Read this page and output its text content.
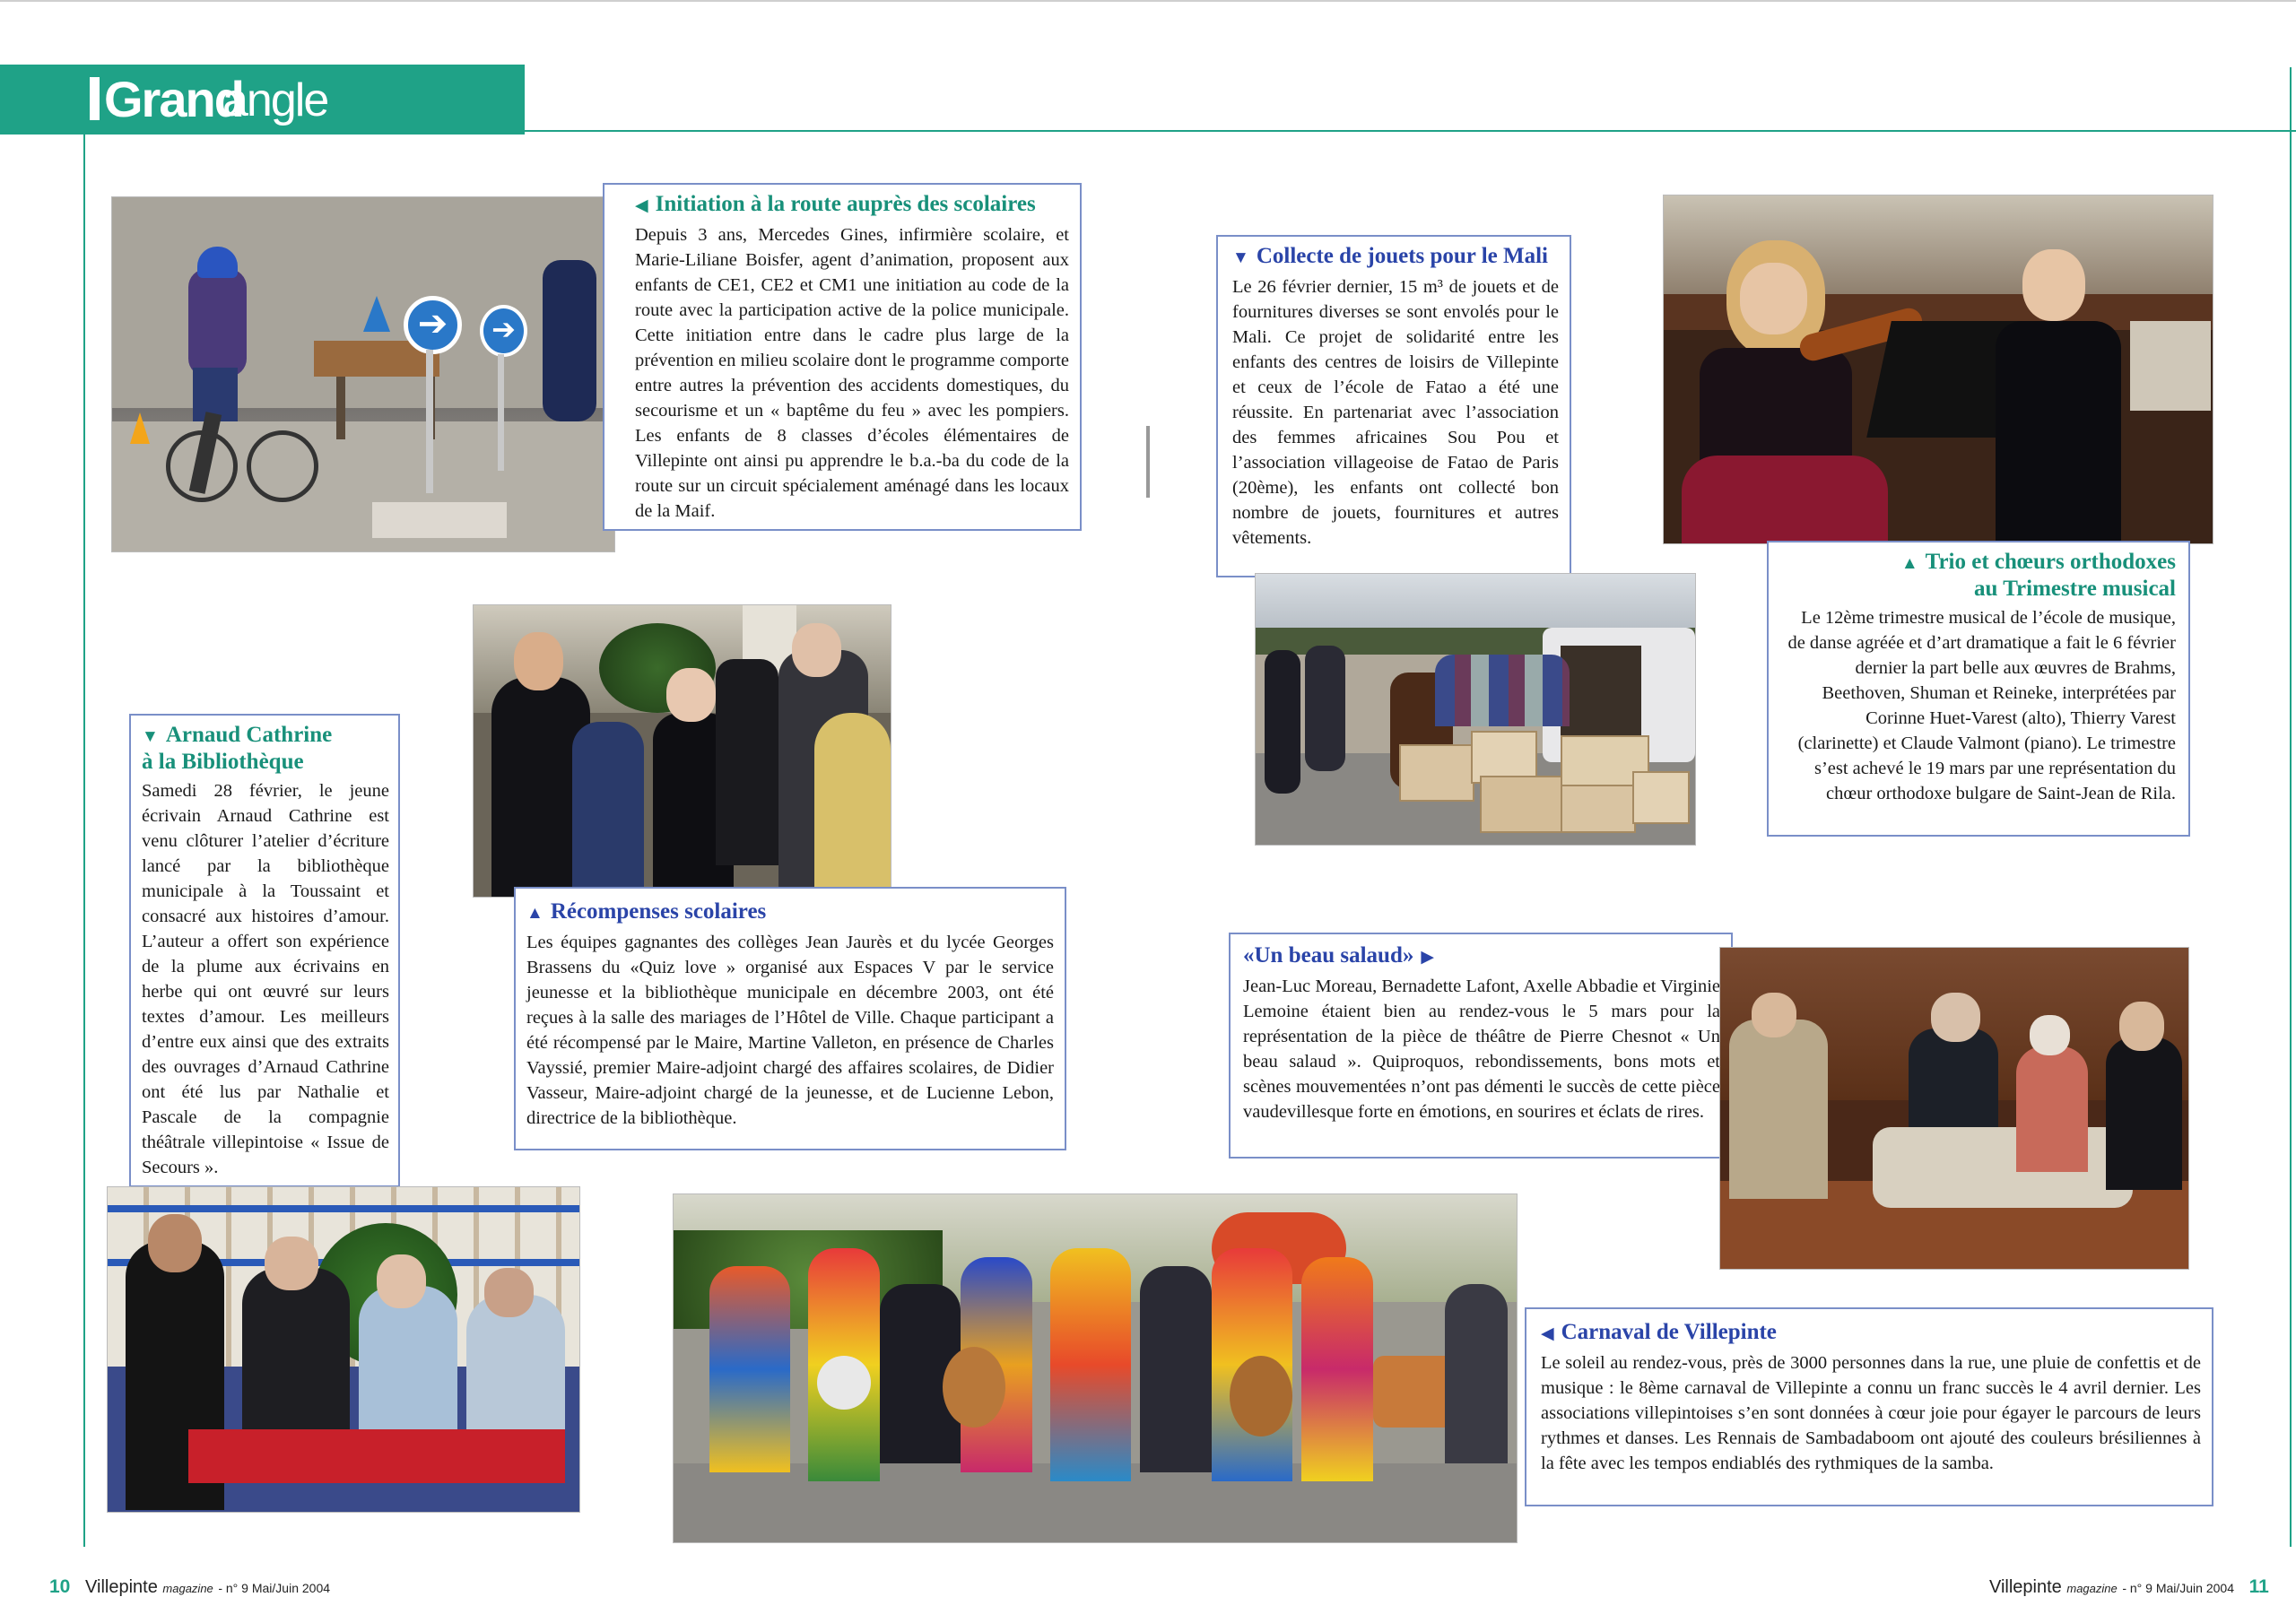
Grand
angle
➔	➔
◀ Initiation à la route auprès des scolaires

Depuis 3 ans, Mercedes Gines, infirmière scolaire, et Marie-Liliane Boisfer, agent d’animation, proposent aux enfants de CE1, CE2 et CM1 une initiation au code de la route avec la participation active de la police municipale. Cette initiation entre dans le cadre plus large de la prévention en milieu scolaire dont le programme comporte entre autres la prévention des accidents domestiques, du secourisme et un « baptême du feu » avec les pompiers. Les enfants de 8 classes d’écoles élémentaires de Villepinte ont ainsi pu apprendre le b.a.-ba du code de la route sur un circuit spécialement aménagé dans les locaux de la Maif.

▼ Collecte de jouets pour le Mali

Le 26 février dernier, 15 m³ de jouets et de fournitures diverses se sont envolés pour le Mali. Ce projet de solidarité entre les enfants des centres de loisirs de Villepinte et ceux de l’école de Fatao a été une réussite. En partenariat avec l’association des femmes africaines Sou Pou et l’association villageoise de Fatao de Paris (20ème), les enfants ont collecté bon nombre de jouets, fournitures et autres vêtements.

▲ Trio et chœurs orthodoxes
au Trimestre musical

Le 12ème trimestre musical de l’école de musique, de danse agréée et d’art dramatique a fait le 6 février dernier la part belle aux œuvres de Brahms, Beethoven, Shuman et Reineke, interprétées par Corinne Huet-Varest (alto), Thierry Varest (clarinette) et Claude Valmont (piano). Le trimestre s’est achevé le 19 mars par une représentation du chœur orthodoxe bulgare de Saint-Jean de Rila.

▼ Arnaud Cathrine
à la Bibliothèque

Samedi 28 février, le jeune écrivain Arnaud Cathrine est venu clôturer l’atelier d’écriture lancé par la bibliothèque municipale à la Toussaint et consacré aux histoires d’amour. L’auteur a offert son expérience de la plume aux écrivains en herbe qui ont œuvré sur leurs textes d’amour. Les meilleurs d’entre eux ainsi que des extraits des ouvrages d’Arnaud Cathrine ont été lus par Nathalie et Pascale de la compagnie théâtrale villepintoise « Issue de Secours ».

▲ Récompenses scolaires

Les équipes gagnantes des collèges Jean Jaurès et du lycée Georges Brassens du «Quiz love » organisé aux Espaces V par le service jeunesse et la bibliothèque municipale en décembre 2003, ont été reçues à la salle des mariages de l’Hôtel de Ville. Chaque participant a été récompensé par le Maire, Martine Valleton, en présence de Charles Vayssié, premier Maire-adjoint chargé des affaires scolaires, de Didier Vasseur, Maire-adjoint chargé de la jeunesse, et de Lucienne Lebon, directrice de la bibliothèque.

«Un beau salaud» ▶

Jean-Luc Moreau, Bernadette Lafont, Axelle Abbadie et Virginie Lemoine étaient bien au rendez-vous le 5 mars pour la représentation de la pièce de théâtre de Pierre Chesnot « Un beau salaud ». Quiproquos, rebondissements, bons mots et scènes mouvementées n’ont pas démenti le succès de cette pièce vaudevillesque forte en émotions, en sourires et éclats de rires.

◀ Carnaval de Villepinte

Le soleil au rendez-vous, près de 3000 personnes dans la rue, une pluie de confettis et de musique : le 8ème carnaval de Villepinte a connu un franc succès le 4 avril dernier. Les associations villepintoises s’en sont données à cœur joie pour égayer le parcours de leurs rythmes et danses. Les Rennais de Sambadaboom ont ajouté des couleurs brésiliennes à la fête avec les tempos endiablés des rythmiques de la samba.

10 Villepinte magazine - n° 9 Mai/Juin 2004	Villepinte magazine - n° 9 Mai/Juin 2004 11
